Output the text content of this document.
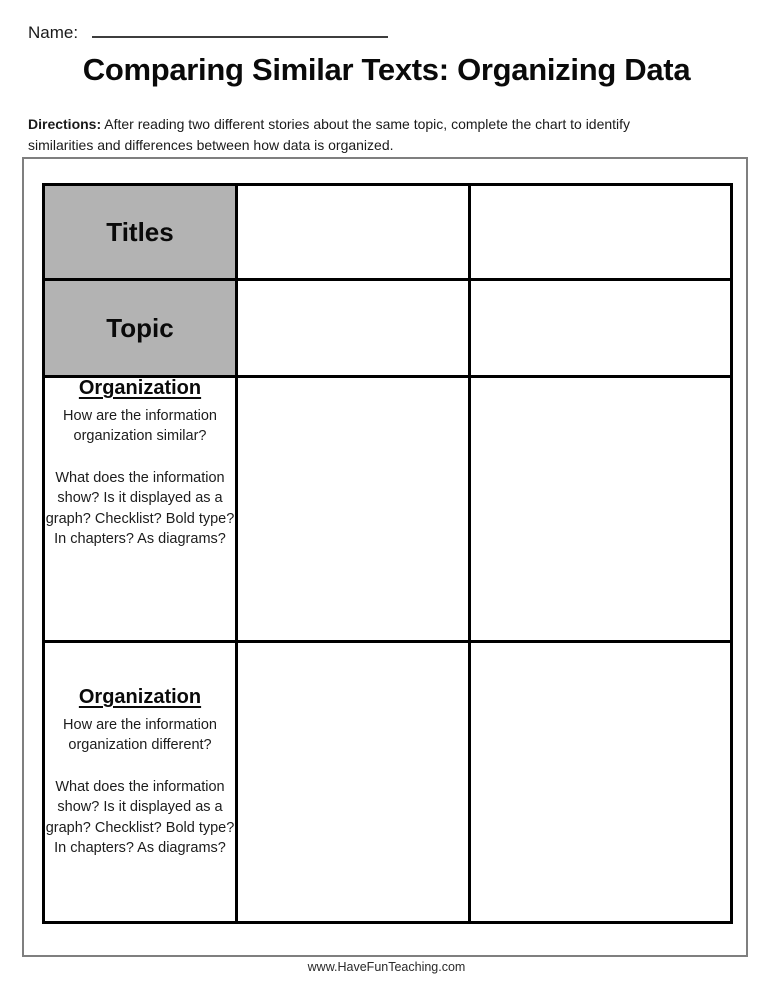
Name:
Comparing Similar Texts: Organizing Data

Directions: After reading two different stories about the same topic, complete the chart to identify
similarities and differences between how data is organized.

Titles		
Topic		

Organization
How are the information organization similar?
What does the information show? Is it displayed as a graph? Checklist? Bold type? In chapters? As diagrams?		

Organization
How are the information organization different?
What does the information show? Is it displayed as a graph? Checklist? Bold type? In chapters? As diagrams?		

www.HaveFunTeaching.com
